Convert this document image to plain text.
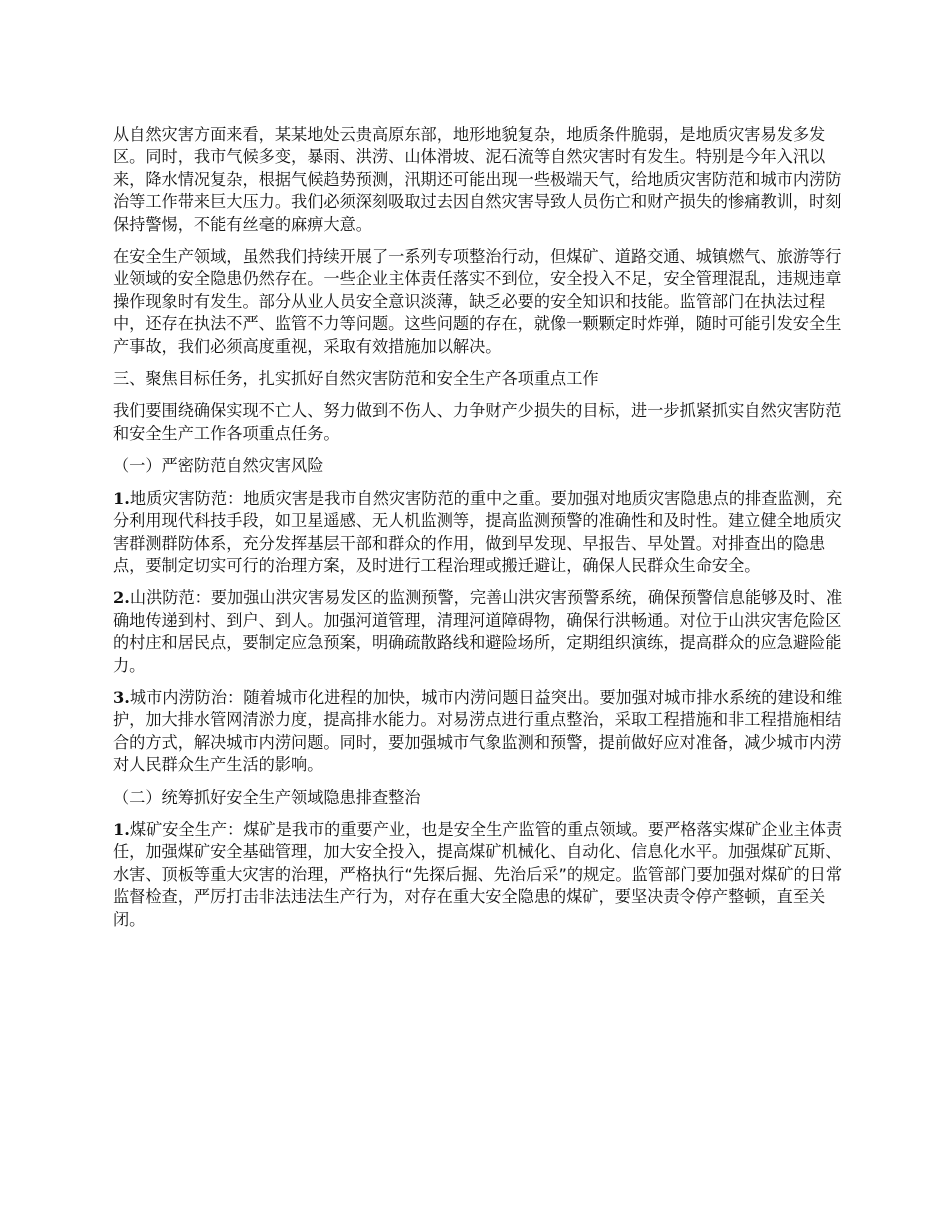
从自然灾害方面来看，某某地处云贵高原东部，地形地貌复杂，地质条件脆弱，是地质灾害易发多发区。同时，我市气候多变，暴雨、洪涝、山体滑坡、泥石流等自然灾害时有发生。特别是今年入汛以来，降水情况复杂，根据气候趋势预测，汛期还可能出现一些极端天气，给地质灾害防范和城市内涝防治等工作带来巨大压力。我们必须深刻吸取过去因自然灾害导致人员伤亡和财产损失的惨痛教训，时刻保持警惕，不能有丝毫的麻痹大意。

在安全生产领域，虽然我们持续开展了一系列专项整治行动，但煤矿、道路交通、城镇燃气、旅游等行业领域的安全隐患仍然存在。一些企业主体责任落实不到位，安全投入不足，安全管理混乱，违规违章操作现象时有发生。部分从业人员安全意识淡薄，缺乏必要的安全知识和技能。监管部门在执法过程中，还存在执法不严、监管不力等问题。这些问题的存在，就像一颗颗定时炸弹，随时可能引发安全生产事故，我们必须高度重视，采取有效措施加以解决。

三、聚焦目标任务，扎实抓好自然灾害防范和安全生产各项重点工作

我们要围绕确保实现不亡人、努力做到不伤人、力争财产少损失的目标，进一步抓紧抓实自然灾害防范和安全生产工作各项重点任务。

（一）严密防范自然灾害风险

1.地质灾害防范：地质灾害是我市自然灾害防范的重中之重。要加强对地质灾害隐患点的排查监测，充分利用现代科技手段，如卫星遥感、无人机监测等，提高监测预警的准确性和及时性。建立健全地质灾害群测群防体系，充分发挥基层干部和群众的作用，做到早发现、早报告、早处置。对排查出的隐患点，要制定切实可行的治理方案，及时进行工程治理或搬迁避让，确保人民群众生命安全。

2.山洪防范：要加强山洪灾害易发区的监测预警，完善山洪灾害预警系统，确保预警信息能够及时、准确地传递到村、到户、到人。加强河道管理，清理河道障碍物，确保行洪畅通。对位于山洪灾害危险区的村庄和居民点，要制定应急预案，明确疏散路线和避险场所，定期组织演练，提高群众的应急避险能力。

3.城市内涝防治：随着城市化进程的加快，城市内涝问题日益突出。要加强对城市排水系统的建设和维护，加大排水管网清淤力度，提高排水能力。对易涝点进行重点整治，采取工程措施和非工程措施相结合的方式，解决城市内涝问题。同时，要加强城市气象监测和预警，提前做好应对准备，减少城市内涝对人民群众生产生活的影响。

（二）统筹抓好安全生产领域隐患排查整治

1.煤矿安全生产：煤矿是我市的重要产业，也是安全生产监管的重点领域。要严格落实煤矿企业主体责任，加强煤矿安全基础管理，加大安全投入，提高煤矿机械化、自动化、信息化水平。加强煤矿瓦斯、水害、顶板等重大灾害的治理，严格执行“先探后掘、先治后采”的规定。监管部门要加强对煤矿的日常监督检查，严厉打击非法违法生产行为，对存在重大安全隐患的煤矿，要坚决责令停产整顿，直至关闭。
